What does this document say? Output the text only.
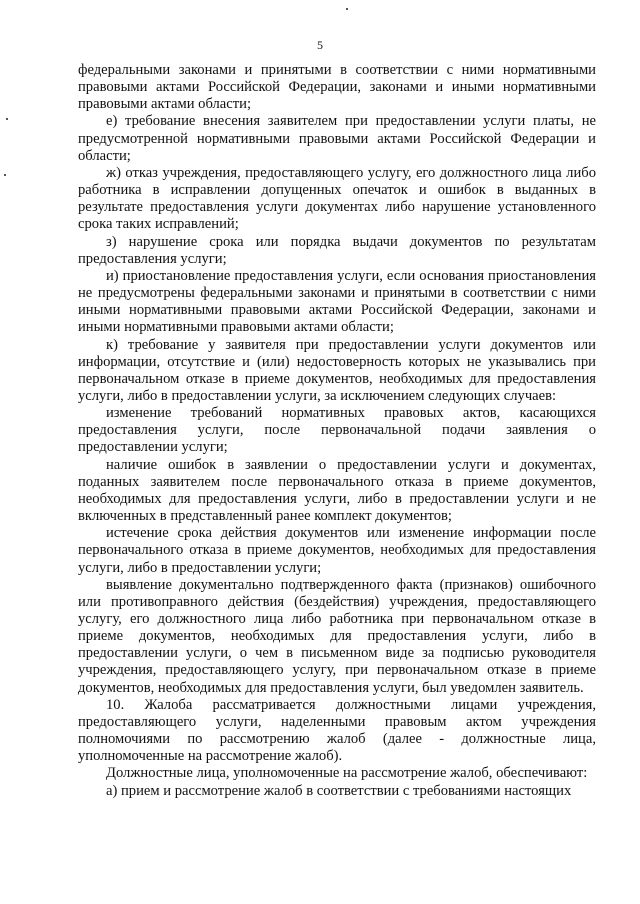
5

федеральными законами и принятыми в соответствии с ними нормативными правовыми актами Российской Федерации, законами и иными нормативными правовыми актами области;

е) требование внесения заявителем при предоставлении услуги платы, не предусмотренной нормативными правовыми актами Российской Федерации и области;

ж) отказ учреждения, предоставляющего услугу, его должностного лица либо работника в исправлении допущенных опечаток и ошибок в выданных в результате предоставления услуги документах либо нарушение установленного срока таких исправлений;

з) нарушение срока или порядка выдачи документов по результатам предоставления услуги;

и) приостановление предоставления услуги, если основания приостановления не предусмотрены федеральными законами и принятыми в соответствии с ними иными нормативными правовыми актами Российской Федерации, законами и иными нормативными правовыми актами области;

к) требование у заявителя при предоставлении услуги документов или информации, отсутствие и (или) недостоверность которых не указывались при первоначальном отказе в приеме документов, необходимых для предоставления услуги, либо в предоставлении услуги, за исключением следующих случаев:

изменение требований нормативных правовых актов, касающихся предоставления услуги, после первоначальной подачи заявления о предоставлении услуги;

наличие ошибок в заявлении о предоставлении услуги и документах, поданных заявителем после первоначального отказа в приеме документов, необходимых для предоставления услуги, либо в предоставлении услуги и не включенных в представленный ранее комплект документов;

истечение срока действия документов или изменение информации после первоначального отказа в приеме документов, необходимых для предоставления услуги, либо в предоставлении услуги;

выявление документально подтвержденного факта (признаков) ошибочного или противоправного действия (бездействия) учреждения, предоставляющего услугу, его должностного лица либо работника при первоначальном отказе в приеме документов, необходимых для предоставления услуги, либо в предоставлении услуги, о чем в письменном виде за подписью руководителя учреждения, предоставляющего услугу, при первоначальном отказе в приеме документов, необходимых для предоставления услуги, был уведомлен заявитель.

10. Жалоба рассматривается должностными лицами учреждения, предоставляющего услуги, наделенными правовым актом учреждения полномочиями по рассмотрению жалоб (далее - должностные лица, уполномоченные на рассмотрение жалоб).

Должностные лица, уполномоченные на рассмотрение жалоб, обеспечивают:

а) прием и рассмотрение жалоб в соответствии с требованиями настоящих
